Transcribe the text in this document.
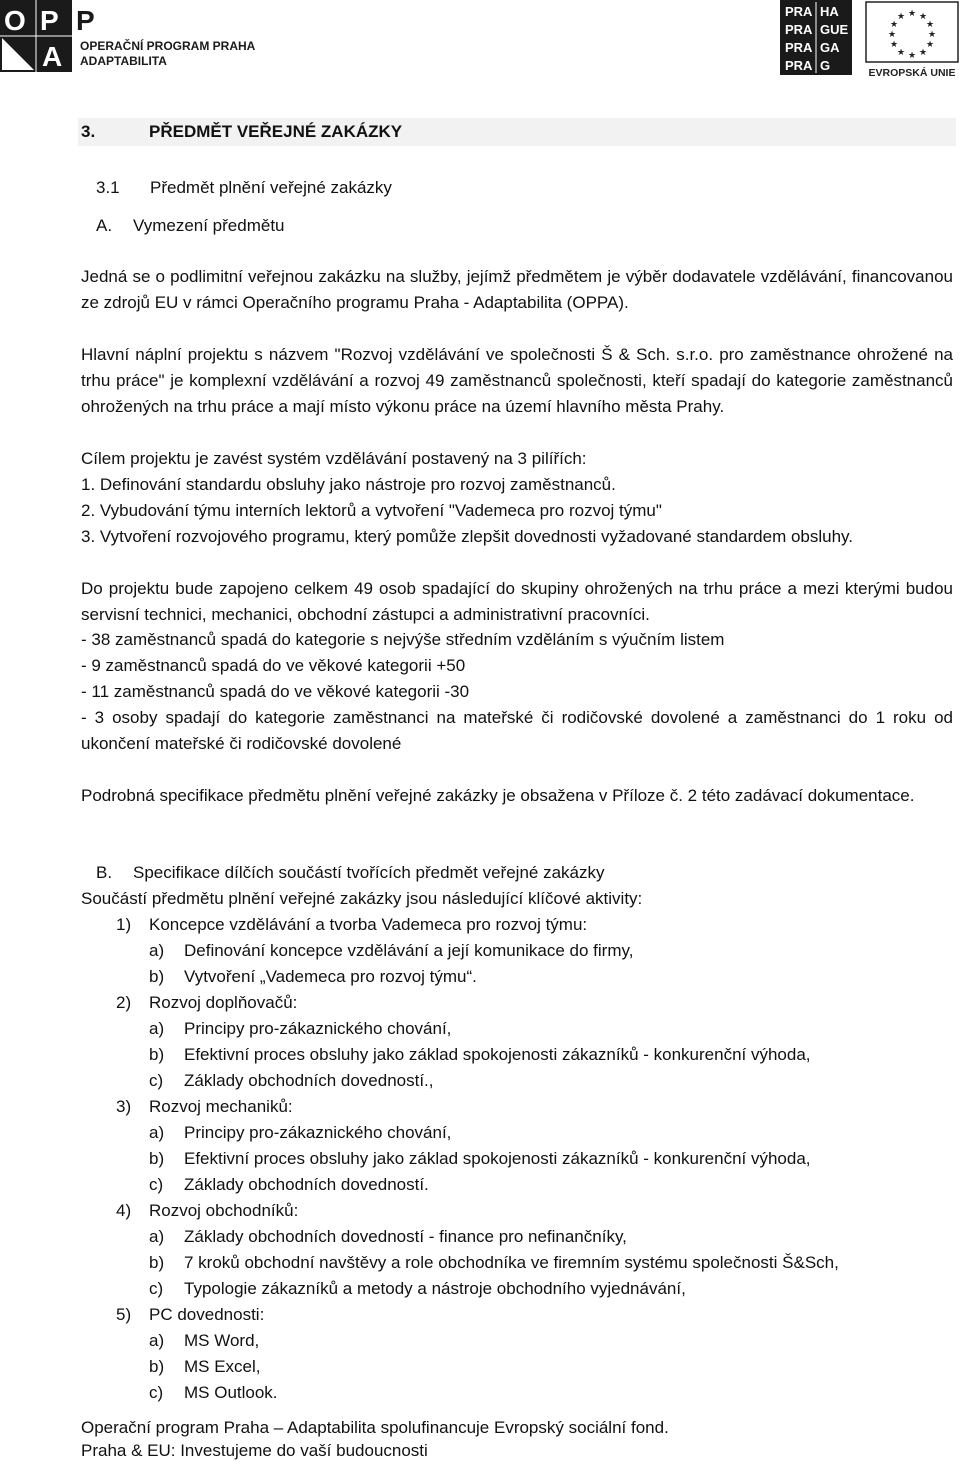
O P P
A OPERAČNÍ PROGRAM PRAHA
ADAPTABILITA
PRA HA
PRA GUE
PRA GA
PRA G
★ ★
★
★
★
★
★
★
★
★
★
★
EVROPSKÁ UNIE
3.	PŘEDMĚT VEŘEJNÉ ZAKÁZKY
3.1 Předmět plnění veřejné zakázky
A. Vymezení předmětu
Jedná se o podlimitní veřejnou zakázku na služby, jejímž předmětem je výběr dodavatele vzdělávání, financovanou ze zdrojů EU v rámci Operačního programu Praha - Adaptabilita (OPPA).
Hlavní náplní projektu s názvem "Rozvoj vzdělávání ve společnosti Š & Sch. s.r.o. pro zaměstnance ohrožené na trhu práce" je komplexní vzdělávání a rozvoj 49 zaměstnanců společnosti, kteří spadají do kategorie zaměstnanců ohrožených na trhu práce a mají místo výkonu práce na území hlavního města Prahy.
Cílem projektu je zavést systém vzdělávání postavený na 3 pilířích:
1. Definování standardu obsluhy jako nástroje pro rozvoj zaměstnanců.
2. Vybudování týmu interních lektorů a vytvoření "Vademeca pro rozvoj týmu"
3. Vytvoření rozvojového programu, který pomůže zlepšit dovednosti vyžadované standardem obsluhy.
Do projektu bude zapojeno celkem 49 osob spadající do skupiny ohrožených na trhu práce a mezi kterými budou servisní technici, mechanici, obchodní zástupci a administrativní pracovníci.
- 38 zaměstnanců spadá do kategorie s nejvýše středním vzděláním s výučním listem
- 9 zaměstnanců spadá do ve věkové kategorii +50
- 11 zaměstnanců spadá do ve věkové kategorii -30
- 3 osoby spadají do kategorie zaměstnanci na mateřské či rodičovské dovolené a zaměstnanci do 1 roku od ukončení mateřské či rodičovské dovolené
Podrobná specifikace předmětu plnění veřejné zakázky je obsažena v Příloze č. 2 této zadávací dokumentace.
B. Specifikace dílčích součástí tvořících předmět veřejné zakázky
Součástí předmětu plnění veřejné zakázky jsou následující klíčové aktivity:
1) Koncepce vzdělávání a tvorba Vademeca pro rozvoj týmu:
a) Definování koncepce vzdělávání a její komunikace do firmy,
b) Vytvoření „Vademeca pro rozvoj týmu“.
2) Rozvoj doplňovačů:
a) Principy pro-zákaznického chování,
b) Efektivní proces obsluhy jako základ spokojenosti zákazníků - konkurenční výhoda,
c) Základy obchodních dovedností.,
3) Rozvoj mechaniků:
a) Principy pro-zákaznického chování,
b) Efektivní proces obsluhy jako základ spokojenosti zákazníků - konkurenční výhoda,
c) Základy obchodních dovedností.
4) Rozvoj obchodníků:
a) Základy obchodních dovedností - finance pro nefinančníky,
b) 7 kroků obchodní navštěvy a role obchodníka ve firemním systému společnosti Š&Sch,
c) Typologie zákazníků a metody a nástroje obchodního vyjednávání,
5) PC dovednosti:
a) MS Word,
b) MS Excel,
c) MS Outlook.
Operační program Praha – Adaptabilita spolufinancuje Evropský sociální fond.
Praha & EU: Investujeme do vaší budoucnosti
